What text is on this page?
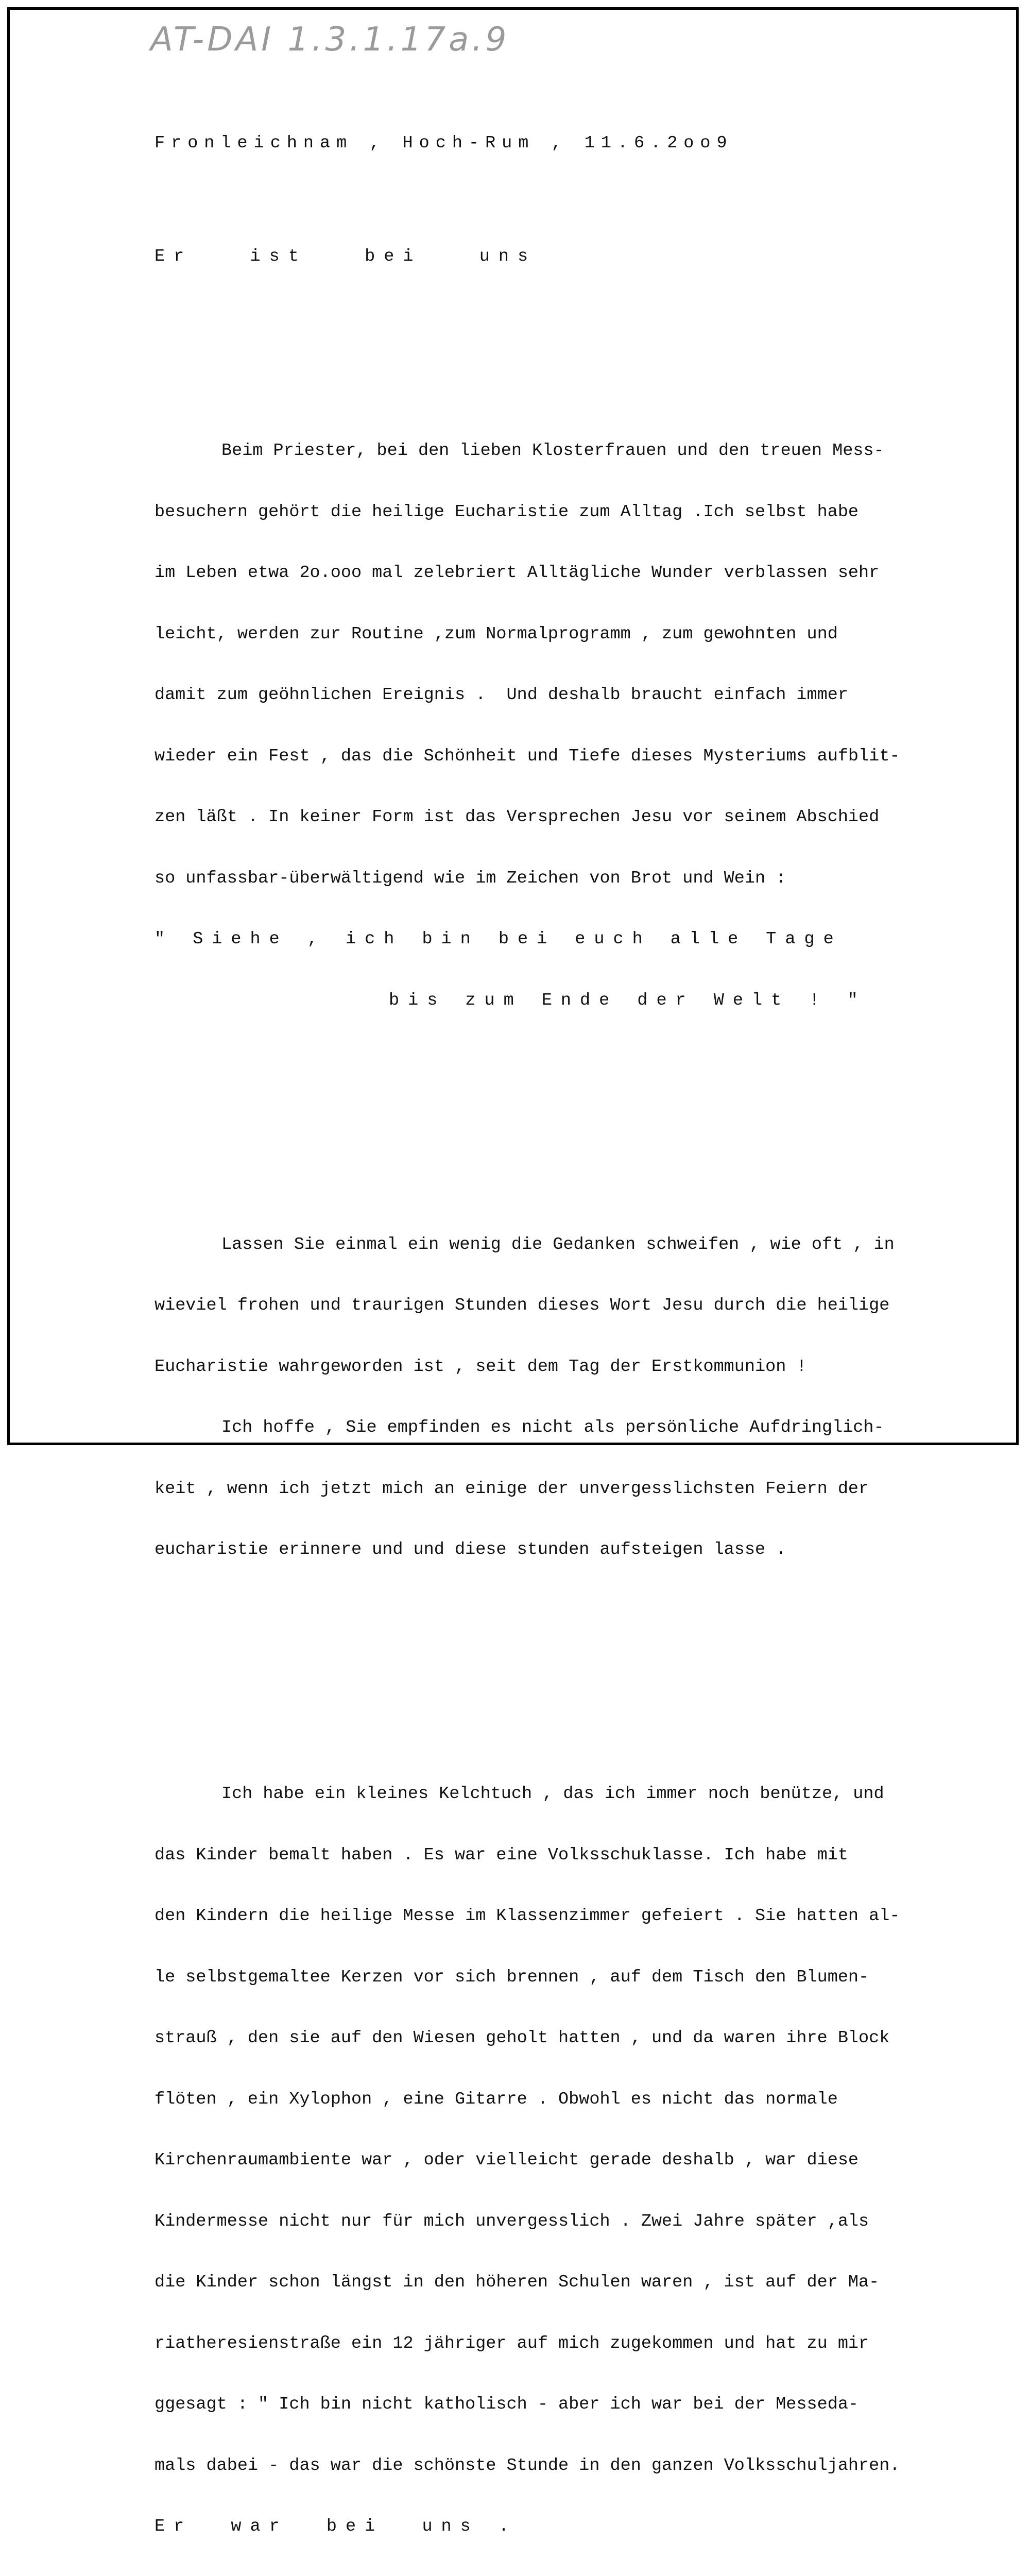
AT-DAI 1.3.1.17a.9

Fronleichnam , Hoch-Rum , 11.6.2oo9

Er   ist   bei   uns

Beim Priester, bei den lieben Klosterfrauen und den treuen Mess-

besuchern gehört die heilige Eucharistie zum Alltag .Ich selbst habe

im Leben etwa 2o.ooo mal zelebriert Alltägliche Wunder verblassen sehr

leicht, werden zur Routine ,zum Normalprogramm , zum gewohnten und

damit zum geöhnlichen Ereignis .  Und deshalb braucht einfach immer

wieder ein Fest , das die Schönheit und Tiefe dieses Mysteriums aufblit-

zen läßt . In keiner Form ist das Versprechen Jesu vor seinem Abschied

so unfassbar-überwältigend wie im Zeichen von Brot und Wein :

" Siehe , ich bin bei euch alle Tage

bis zum Ende der Welt ! "

Lassen Sie einmal ein wenig die Gedanken schweifen , wie oft , in

wieviel frohen und traurigen Stunden dieses Wort Jesu durch die heilige

Eucharistie wahrgeworden ist , seit dem Tag der Erstkommunion !

Ich hoffe , Sie empfinden es nicht als persönliche Aufdringlich-

keit , wenn ich jetzt mich an einige der unvergesslichsten Feiern der

eucharistie erinnere und und diese stunden aufsteigen lasse .

Ich habe ein kleines Kelchtuch , das ich immer noch benütze, und

das Kinder bemalt haben . Es war eine Volksschuklasse. Ich habe mit

den Kindern die heilige Messe im Klassenzimmer gefeiert . Sie hatten al-

le selbstgemaltee Kerzen vor sich brennen , auf dem Tisch den Blumen-

strauß , den sie auf den Wiesen geholt hatten , und da waren ihre Block

flöten , ein Xylophon , eine Gitarre . Obwohl es nicht das normale

Kirchenraumambiente war , oder vielleicht gerade deshalb , war diese

Kindermesse nicht nur für mich unvergesslich . Zwei Jahre später ,als

die Kinder schon längst in den höheren Schulen waren , ist auf der Ma-

riatheresienstraße ein 12 jähriger auf mich zugekommen und hat zu mir

ggesagt : " Ich bin nicht katholisch - aber ich war bei der Messeda-

mals dabei - das war die schönste Stunde in den ganzen Volksschuljahren.

Er  war  bei  uns .
